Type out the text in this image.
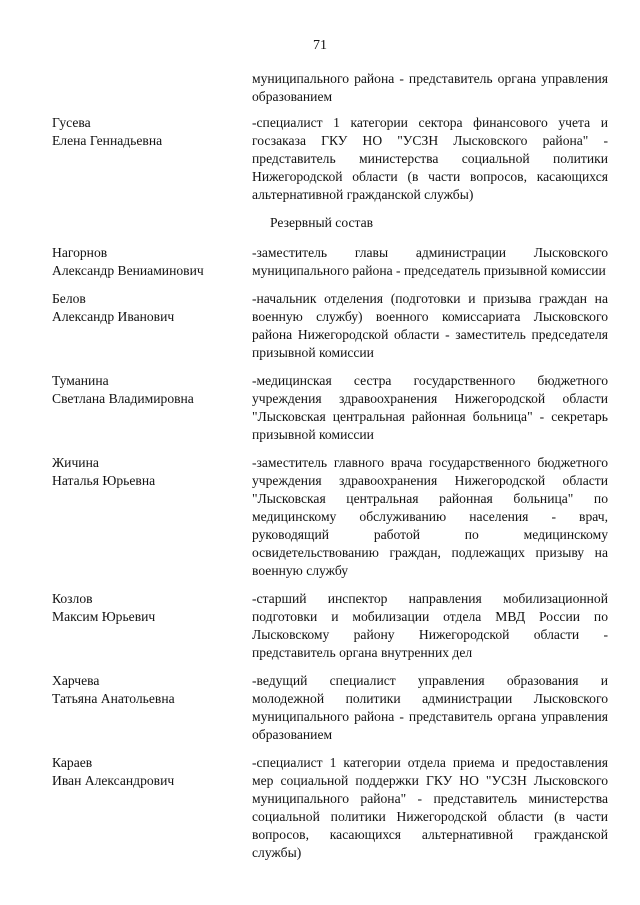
71
муниципального района - представитель органа управления образованием
Гусева
Елена Геннадьевна
-специалист 1 категории сектора финансового учета и госзаказа ГКУ НО "УСЗН Лысковского района" - представитель министерства социальной политики Нижегородской области (в части вопросов, касающихся альтернативной гражданской службы)
Резервный состав
Нагорнов
Александр Вениаминович
-заместитель главы администрации Лысковского муниципального района - председатель призывной комиссии
Белов
Александр Иванович
-начальник отделения (подготовки и призыва граждан на военную службу) военного комиссариата Лысковского района Нижегородской области - заместитель председателя призывной комиссии
Туманина
Светлана Владимировна
-медицинская сестра государственного бюджетного учреждения здравоохранения Нижегородской области "Лысковская центральная районная больница" - секретарь призывной комиссии
Жичина
Наталья Юрьевна
-заместитель главного врача государственного бюджетного учреждения здравоохранения Нижегородской области "Лысковская центральная районная больница" по медицинскому обслуживанию населения - врач, руководящий работой по медицинскому освидетельствованию граждан, подлежащих призыву на военную службу
Козлов
Максим Юрьевич
-старший инспектор направления мобилизационной подготовки и мобилизации отдела МВД России по Лысковскому району Нижегородской области - представитель органа внутренних дел
Харчева
Татьяна Анатольевна
-ведущий специалист управления образования и молодежной политики администрации Лысковского муниципального района - представитель органа управления образованием
Караев
Иван Александрович
-специалист 1 категории отдела приема и предоставления мер социальной поддержки ГКУ НО "УСЗН Лысковского муниципального района" - представитель министерства социальной политики Нижегородской области (в части вопросов, касающихся альтернативной гражданской службы)
